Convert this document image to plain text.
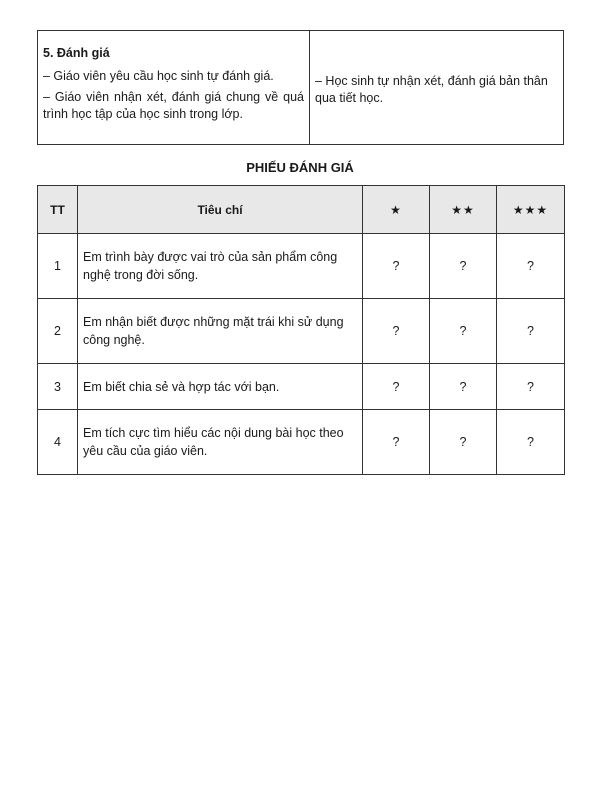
5. Đánh giá

– Giáo viên yêu cầu học sinh tự đánh giá.

– Giáo viên nhận xét, đánh giá chung về quá trình học tập của học sinh trong lớp.

– Học sinh tự nhận xét, đánh giá bản thân qua tiết học.
PHIẾU ĐÁNH GIÁ
TT	Tiêu chí	★	★★	★★★
1	Em trình bày được vai trò của sản phẩm công nghệ trong đời sống.	?	?	?
2	Em nhận biết được những mặt trái khi sử dụng công nghệ.	?	?	?
3	Em biết chia sẻ và hợp tác với bạn.	?	?	?
4	Em tích cực tìm hiểu các nội dung bài học theo yêu cầu của giáo viên.	?	?	?
